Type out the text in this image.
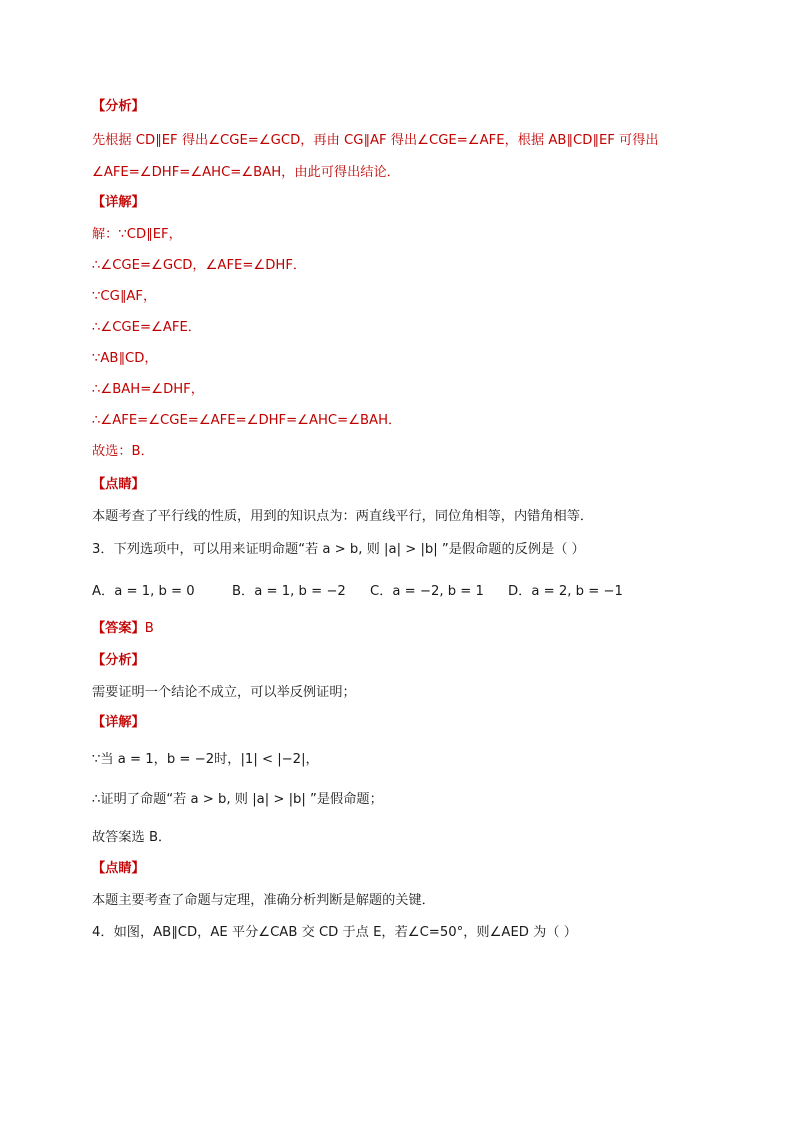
【分析】
先根据 CD∥EF 得出∠CGE=∠GCD，再由 CG∥AF 得出∠CGE=∠AFE，根据 AB∥CD∥EF 可得出
∠AFE=∠DHF=∠AHC=∠BAH，由此可得出结论．
【详解】
解：∵CD∥EF，
∴∠CGE=∠GCD，∠AFE=∠DHF．
∵CG∥AF，
∴∠CGE=∠AFE．
∵AB∥CD，
∴∠BAH=∠DHF，
∴∠AFE=∠CGE=∠AFE=∠DHF=∠AHC=∠BAH．
故选：B．
【点睛】
本题考查了平行线的性质，用到的知识点为：两直线平行，同位角相等，内错角相等．
3．下列选项中，可以用来证明命题“若 a > b, 则 |a| > |b| ”是假命题的反例是（ ）
A．a = 1, b = 0	B．a = 1, b = −2 C．a = −2, b = 1 D．a = 2, b = −1
【答案】B
【分析】
需要证明一个结论不成立，可以举反例证明；
【详解】
∵当 a = 1，b = −2时，|1| < |−2|，
∴证明了命题“若 a > b, 则 |a| > |b| ”是假命题；
故答案选 B．
【点睛】
本题主要考查了命题与定理，准确分析判断是解题的关键．
4．如图，AB∥CD，AE 平分∠CAB 交 CD 于点 E，若∠C=50°，则∠AED 为（ ）
